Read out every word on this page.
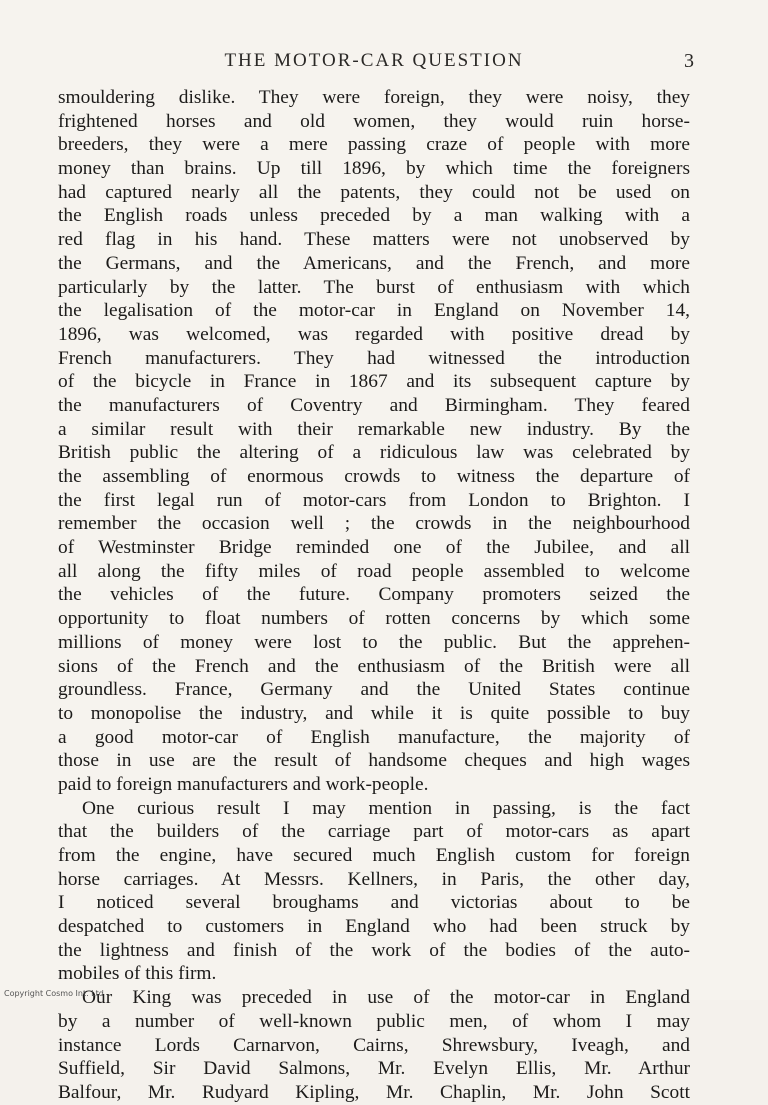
THE MOTOR-CAR QUESTION	3
smouldering dislike. They were foreign, they were noisy, they
frightened horses and old women, they would ruin horse-
breeders, they were a mere passing craze of people with more
money than brains. Up till 1896, by which time the foreigners
had captured nearly all the patents, they could not be used on
the English roads unless preceded by a man walking with a
red flag in his hand. These matters were not unobserved by
the Germans, and the Americans, and the French, and more
particularly by the latter. The burst of enthusiasm with which
the legalisation of the motor-car in England on November 14,
1896, was welcomed, was regarded with positive dread by
French manufacturers. They had witnessed the introduction
of the bicycle in France in 1867 and its subsequent capture by
the manufacturers of Coventry and Birmingham. They feared
a similar result with their remarkable new industry. By the
British public the altering of a ridiculous law was celebrated by
the assembling of enormous crowds to witness the departure of
the first legal run of motor-cars from London to Brighton. I
remember the occasion well ; the crowds in the neighbourhood
of Westminster Bridge reminded one of the Jubilee, and all
all along the fifty miles of road people assembled to welcome
the vehicles of the future. Company promoters seized the
opportunity to float numbers of rotten concerns by which some
millions of money were lost to the public. But the apprehen-
sions of the French and the enthusiasm of the British were all
groundless. France, Germany and the United States continue
to monopolise the industry, and while it is quite possible to buy
a good motor-car of English manufacture, the majority of
those in use are the result of handsome cheques and high wages
paid to foreign manufacturers and work-people.
One curious result I may mention in passing, is the fact
that the builders of the carriage part of motor-cars as apart
from the engine, have secured much English custom for foreign
horse carriages. At Messrs. Kellners, in Paris, the other day,
I noticed several broughams and victorias about to be
despatched to customers in England who had been struck by
the lightness and finish of the work of the bodies of the auto-
mobiles of this firm.
Our King was preceded in use of the motor-car in England
by a number of well-known public men, of whom I may
instance Lords Carnarvon, Cairns, Shrewsbury, Iveagh, and
Suffield, Sir David Salmons, Mr. Evelyn Ellis, Mr. Arthur
Balfour, Mr. Rudyard Kipling, Mr. Chaplin, Mr. John Scott
Copyright Cosmo Int. Ltd
